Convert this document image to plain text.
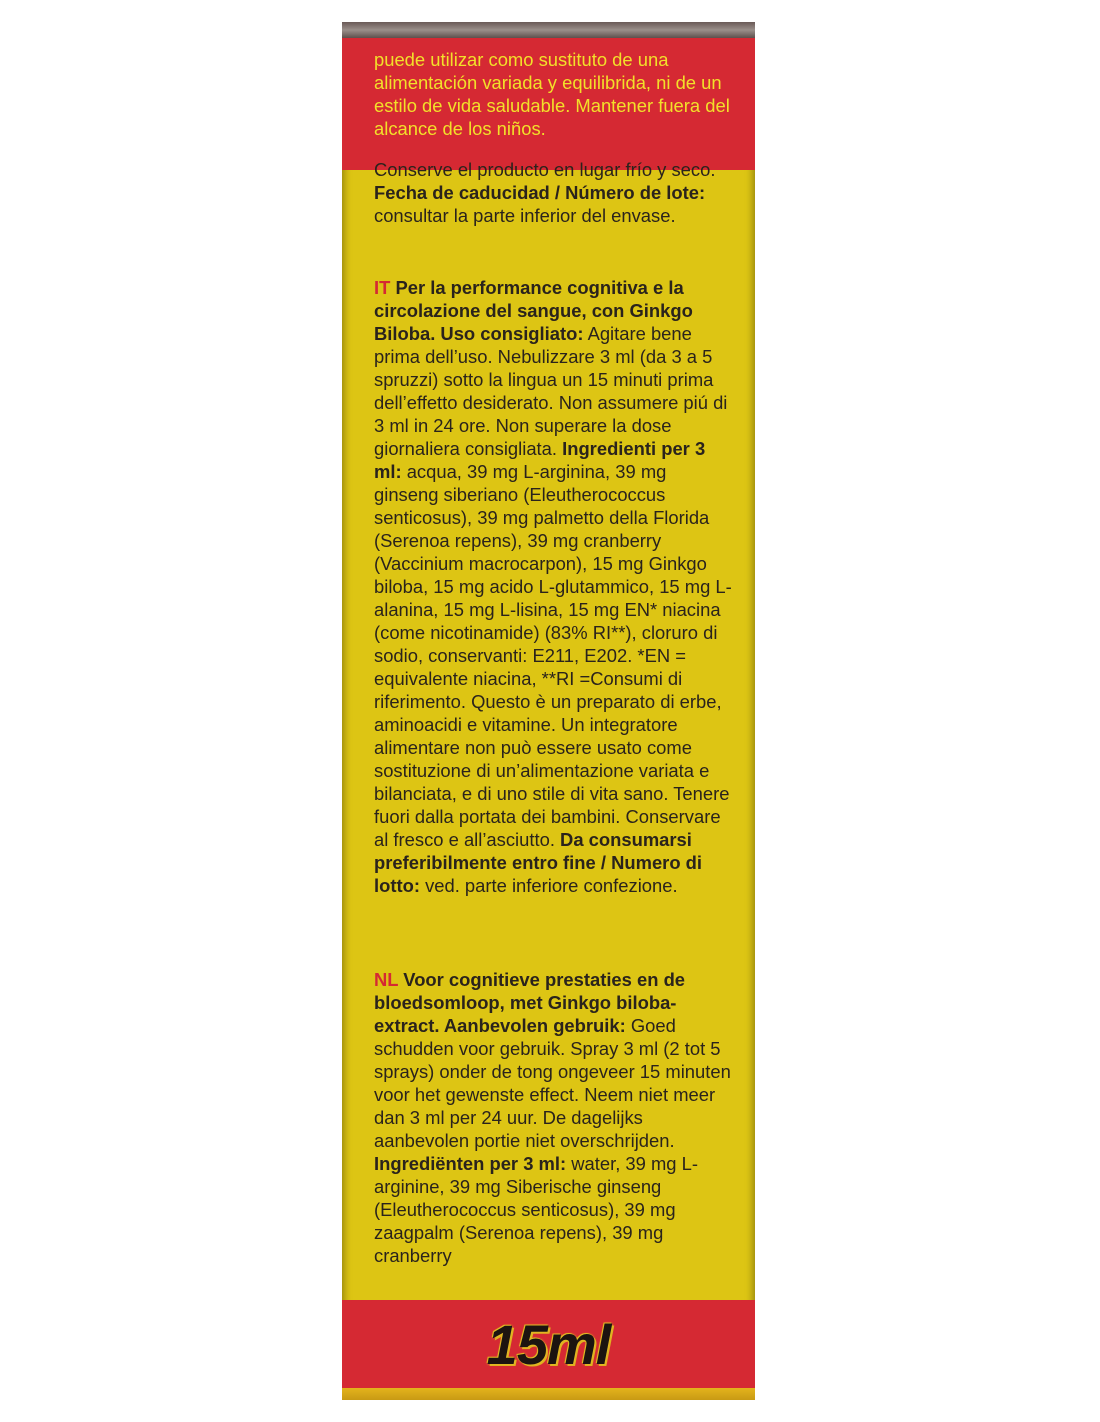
puede utilizar como sustituto de una alimentación variada y equilibrida, ni de un estilo de vida saludable. Mantener fuera del alcance de los niños.

Conserve el producto en lugar frío y seco. Fecha de caducidad / Número de lote: consultar la parte inferior del envase.

IT Per la performance cognitiva e la circolazione del sangue, con Ginkgo Biloba. Uso consigliato: Agitare bene prima dell’uso. Nebulizzare 3 ml (da 3 a 5 spruzzi) sotto la lingua un 15 minuti prima dell’effetto desiderato. Non assumere piú di 3 ml in 24 ore. Non superare la dose giornaliera consigliata. Ingredienti per 3 ml: acqua, 39 mg L-arginina, 39 mg ginseng siberiano (Eleutherococcus senticosus), 39 mg palmetto della Florida (Serenoa repens), 39 mg cranberry (Vaccinium macrocarpon), 15 mg Ginkgo biloba, 15 mg acido L-glutammico, 15 mg L-alanina, 15 mg L-lisina, 15 mg EN* niacina (come nicotinamide) (83% RI**), cloruro di sodio, conservanti: E211, E202. *EN = equivalente niacina, **RI =Consumi di riferimento. Questo è un preparato di erbe, aminoacidi e vitamine. Un integratore alimentare non può essere usato come sostituzione di un’alimentazione variata e bilanciata, e di uno stile di vita sano. Tenere fuori dalla portata dei bambini. Conservare al fresco e all’asciutto. Da consumarsi preferibilmente entro fine / Numero di lotto: ved. parte inferiore confezione.

NL Voor cognitieve prestaties en de bloedsomloop, met Ginkgo biloba-extract. Aanbevolen gebruik: Goed schudden voor gebruik. Spray 3 ml (2 tot 5 sprays) onder de tong ongeveer 15 minuten voor het gewenste effect. Neem niet meer dan 3 ml per 24 uur. De dagelijks aanbevolen portie niet overschrijden. Ingrediënten per 3 ml: water, 39 mg L-arginine, 39 mg Siberische ginseng (Eleutherococcus senticosus), 39 mg zaagpalm (Serenoa repens), 39 mg cranberry

15ml
